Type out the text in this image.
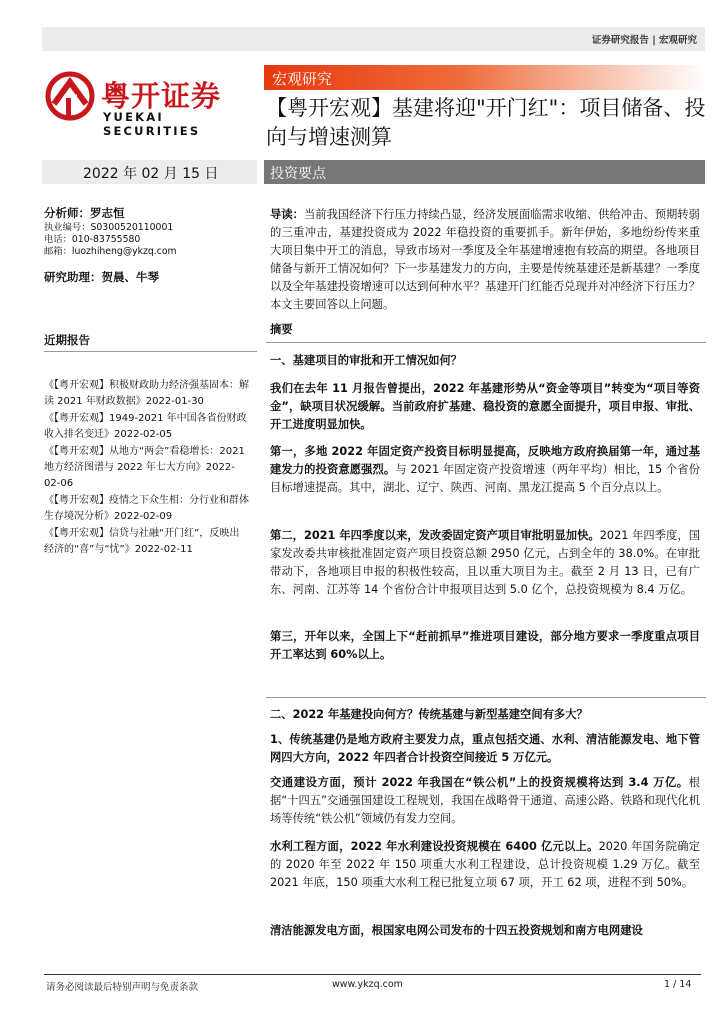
证券研究报告 | 宏观研究
粤开证券
YUEKAI SECURITIES
宏观研究
【粤开宏观】基建将迎"开门红"：项目储备、投向与增速测算
2022 年 02 月 15 日	投资要点
分析师：罗志恒
执业编号：S0300520110001
电话：010-83755580
邮箱：luozhiheng@ykzq.com
研究助理：贺晨、牛琴
近期报告
《【粤开宏观】积极财政助力经济强基固本：解读 2021 年财政数据》2022-01-30
《【粤开宏观】1949-2021 年中国各省份财政收入排名变迁》2022-02-05
《【粤开宏观】从地方“两会”看稳增长：2021 地方经济图谱与 2022 年七大方向》2022-02-06
《【粤开宏观】疫情之下众生相：分行业和群体生存境况分析》2022-02-09
《【粤开宏观】信贷与社融“开门红”，反映出经济的“喜”与“忧”》2022-02-11
导读：当前我国经济下行压力持续凸显，经济发展面临需求收缩、供给冲击、预期转弱的三重冲击，基建投资成为 2022 年稳投资的重要抓手。新年伊始，多地纷纷传来重大项目集中开工的消息，导致市场对一季度及全年基建增速抱有较高的期望。各地项目储备与新开工情况如何？下一步基建发力的方向，主要是传统基建还是新基建？一季度以及全年基建投资增速可以达到何种水平？基建开门红能否兑现并对冲经济下行压力？本文主要回答以上问题。
摘要
一、基建项目的审批和开工情况如何？
我们在去年 11 月报告曾提出，2022 年基建形势从“资金等项目”转变为“项目等资金”，缺项目状况缓解。当前政府扩基建、稳投资的意愿全面提升，项目申报、审批、开工进度明显加快。
第一，多地 2022 年固定资产投资目标明显提高，反映地方政府换届第一年，通过基建发力的投资意愿强烈。与 2021 年固定资产投资增速（两年平均）相比，15 个省份目标增速提高。其中，湖北、辽宁、陕西、河南、黑龙江提高 5 个百分点以上。
第二，2021 年四季度以来，发改委固定资产项目审批明显加快。2021 年四季度，国家发改委共审核批准固定资产项目投资总额 2950 亿元，占到全年的 38.0%。在审批带动下，各地项目申报的积极性较高，且以重大项目为主。截至 2 月 13 日，已有广东、河南、江苏等 14 个省份合计申报项目达到 5.0 亿个，总投资规模为 8.4 万亿。
第三，开年以来，全国上下“赶前抓早”推进项目建设，部分地方要求一季度重点项目开工率达到 60%以上。
二、2022 年基建投向何方？传统基建与新型基建空间有多大？
1、传统基建仍是地方政府主要发力点，重点包括交通、水利、清洁能源发电、地下管网四大方向，2022 年四者合计投资空间接近 5 万亿元。
交通建设方面，预计 2022 年我国在“铁公机”上的投资规模将达到 3.4 万亿。根据“十四五”交通强国建设工程规划，我国在战略骨干通道、高速公路、铁路和现代化机场等传统“铁公机”领域仍有发力空间。
水利工程方面，2022 年水利建设投资规模在 6400 亿元以上。2020 年国务院确定的 2020 年至 2022 年 150 项重大水利工程建设，总计投资规模 1.29 万亿。截至 2021 年底，150 项重大水利工程已批复立项 67 项，开工 62 项，进程不到 50%。
清洁能源发电方面，根国家电网公司发布的十四五投资规划和南方电网建设
请务必阅读最后特别声明与免责条款	www.ykzq.com	1 / 14
